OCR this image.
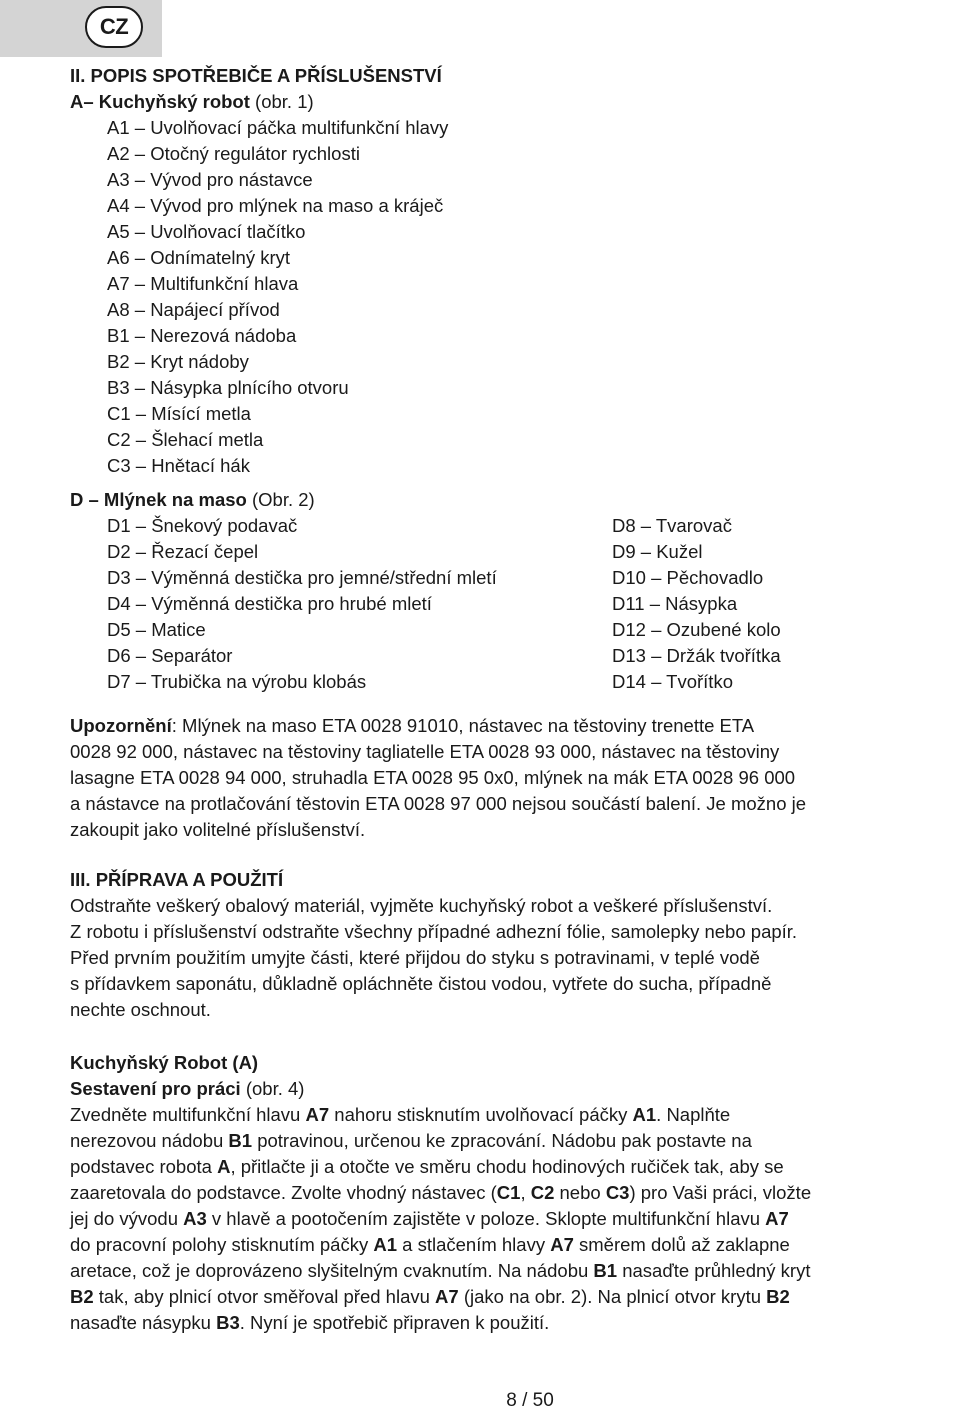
CZ
II. POPIS SPOTŘEBIČE A PŘÍSLUŠENSTVÍ
A– Kuchyňský robot (obr. 1)
A1 – Uvolňovací páčka multifunkční hlavy
A2 – Otočný regulátor rychlosti
A3 – Vývod pro nástavce
A4 – Vývod pro mlýnek na maso a kráječ
A5 – Uvolňovací tlačítko
A6 – Odnímatelný kryt
A7 – Multifunkční hlava
A8 – Napájecí přívod
B1 – Nerezová nádoba
B2 – Kryt nádoby
B3 – Násypka plnícího otvoru
C1 – Mísící metla
C2 – Šlehací metla
C3 – Hnětací hák
D – Mlýnek na maso (Obr. 2)
D1 – Šnekový podavač
D2 – Řezací čepel
D3 – Výměnná destička pro jemné/střední mletí
D4 – Výměnná destička pro hrubé mletí
D5 – Matice
D6 – Separátor
D7 – Trubička na výrobu klobás
D8 – Tvarovač
D9 – Kužel
D10 – Pěchovadlo
D11 – Násypka
D12 – Ozubené kolo
D13 – Držák tvořítka
D14 – Tvořítko
Upozornění: Mlýnek na maso ETA 0028 91010, nástavec na těstoviny trenette ETA
0028 92 000, nástavec na těstoviny tagliatelle ETA 0028 93 000, nástavec na těstoviny
lasagne ETA 0028 94 000, struhadla ETA 0028 95 0x0, mlýnek na mák ETA 0028 96 000
a nástavce na protlačování těstovin ETA 0028 97 000 nejsou součástí balení. Je možno je
zakoupit jako volitelné příslušenství.
III. PŘÍPRAVA A POUŽITÍ
Odstraňte veškerý obalový materiál, vyjměte kuchyňský robot a veškeré příslušenství.
Z robotu i příslušenství odstraňte všechny případné adhezní fólie, samolepky nebo papír.
Před prvním použitím umyjte části, které přijdou do styku s potravinami, v teplé vodě
s přídavkem saponátu, důkladně opláchněte čistou vodou, vytřete do sucha, případně
nechte oschnout.
Kuchyňský Robot (A)
Sestavení pro práci (obr. 4)
Zvedněte multifunkční hlavu A7 nahoru stisknutím uvolňovací páčky A1. Naplňte
nerezovou nádobu B1 potravinou, určenou ke zpracování. Nádobu pak postavte na
podstavec robota A, přitlačte ji a otočte ve směru chodu hodinových ručiček tak, aby se
zaaretovala do podstavce. Zvolte vhodný nástavec (C1, C2 nebo C3) pro Vaši práci, vložte
jej do vývodu A3 v hlavě a pootočením zajistěte v poloze. Sklopte multifunkční hlavu A7
do pracovní polohy stisknutím páčky A1 a stlačením hlavy A7 směrem dolů až zaklapne
aretace, což je doprovázeno slyšitelným cvaknutím. Na nádobu B1 nasaďte průhledný kryt
B2 tak, aby plnicí otvor směřoval před hlavu A7 (jako na obr. 2). Na plnicí otvor krytu B2
nasaďte násypku B3. Nyní je spotřebič připraven k použití.
8 / 50
